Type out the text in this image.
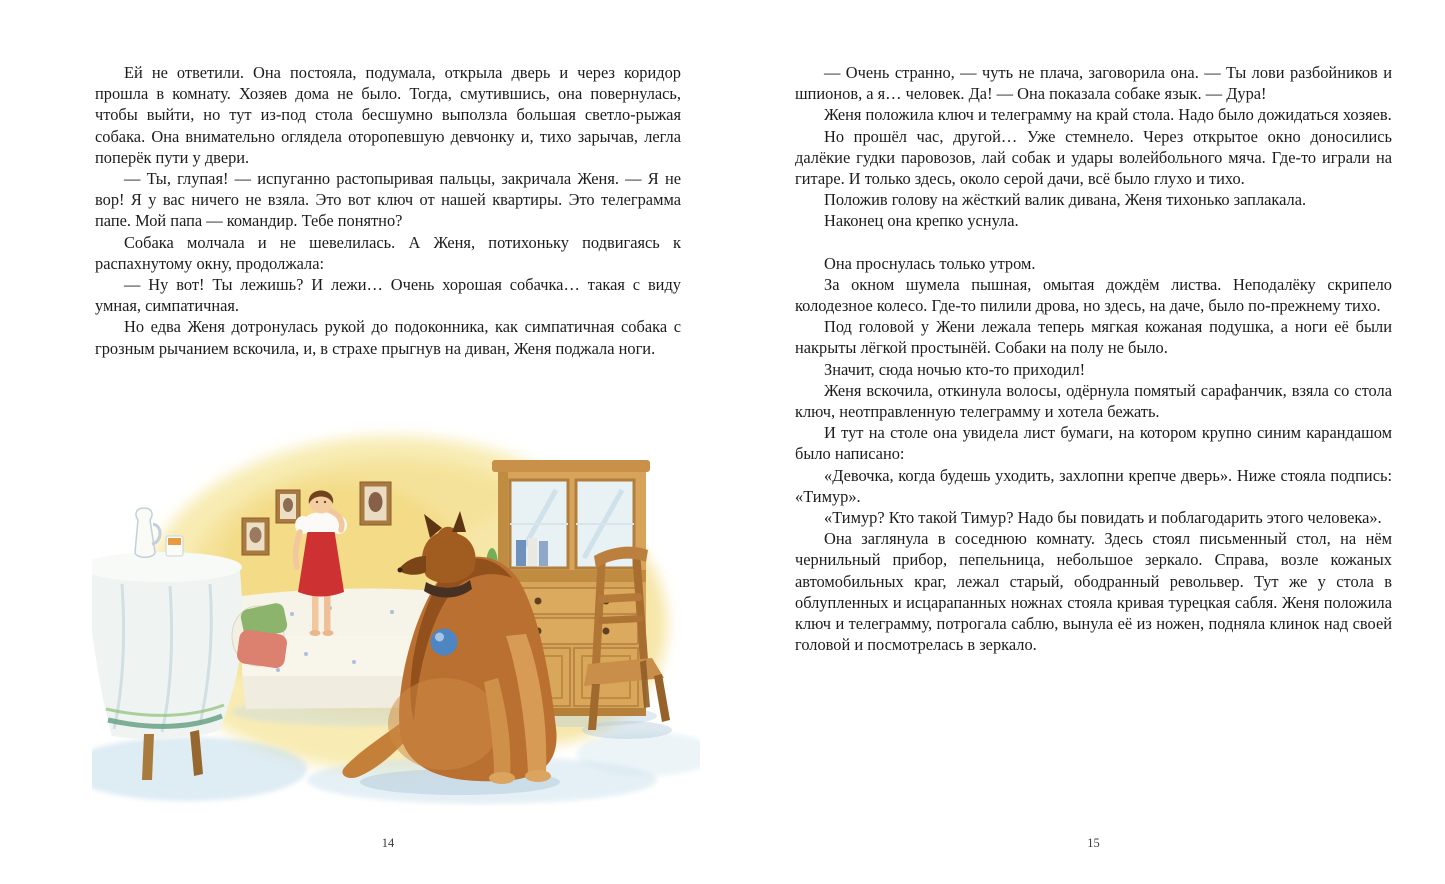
Ей не ответили. Она постояла, подумала, открыла дверь и через коридор прошла в комнату. Хозяев дома не было. Тогда, смутившись, она повернулась, чтобы выйти, но тут из-под стола бесшумно выползла большая светло-рыжая собака. Она внимательно оглядела оторопевшую девчонку и, тихо зарычав, легла поперёк пути у двери.

— Ты, глупая! — испуганно растопыривая пальцы, закричала Женя. — Я не вор! Я у вас ничего не взяла. Это вот ключ от нашей квартиры. Это телеграмма папе. Мой папа — командир. Тебе понятно?

Собака молчала и не шевелилась. А Женя, потихоньку подвигаясь к распахнутому окну, продолжала:

— Ну вот! Ты лежишь? И лежи… Очень хорошая собачка… такая с виду умная, симпатичная.

Но едва Женя дотронулась рукой до подоконника, как симпатичная собака с грозным рычанием вскочила, и, в страхе прыгнув на диван, Женя поджала ноги.

14

— Очень странно, — чуть не плача, заговорила она. — Ты лови разбойников и шпионов, а я… человек. Да! — Она показала собаке язык. — Дура!

Женя положила ключ и телеграмму на край стола. Надо было дожидаться хозяев.

Но прошёл час, другой… Уже стемнело. Через открытое окно доносились далёкие гудки паровозов, лай собак и удары волейбольного мяча. Где-то играли на гитаре. И только здесь, около серой дачи, всё было глухо и тихо.

Положив голову на жёсткий валик дивана, Женя тихонько заплакала.

Наконец она крепко уснула.

Она проснулась только утром.

За окном шумела пышная, омытая дождём листва. Неподалёку скрипело колодезное колесо. Где-то пилили дрова, но здесь, на даче, было по-прежнему тихо.

Под головой у Жени лежала теперь мягкая кожаная подушка, а ноги её были накрыты лёгкой простынёй. Собаки на полу не было.

Значит, сюда ночью кто-то приходил!

Женя вскочила, откинула волосы, одёрнула помятый сарафанчик, взяла со стола ключ, неотправленную телеграмму и хотела бежать.

И тут на столе она увидела лист бумаги, на котором крупно синим карандашом было написано:

«Девочка, когда будешь уходить, захлопни крепче дверь». Ниже стояла подпись: «Тимур».

«Тимур? Кто такой Тимур? Надо бы повидать и поблагодарить этого человека».

Она заглянула в соседнюю комнату. Здесь стоял письменный стол, на нём чернильный прибор, пепельница, небольшое зеркало. Справа, возле кожаных автомобильных краг, лежал старый, ободранный револьвер. Тут же у стола в облупленных и исцарапанных ножнах стояла кривая турецкая сабля. Женя положила ключ и телеграмму, потрогала саблю, вынула её из ножен, подняла клинок над своей головой и посмотрелась в зеркало.

15
